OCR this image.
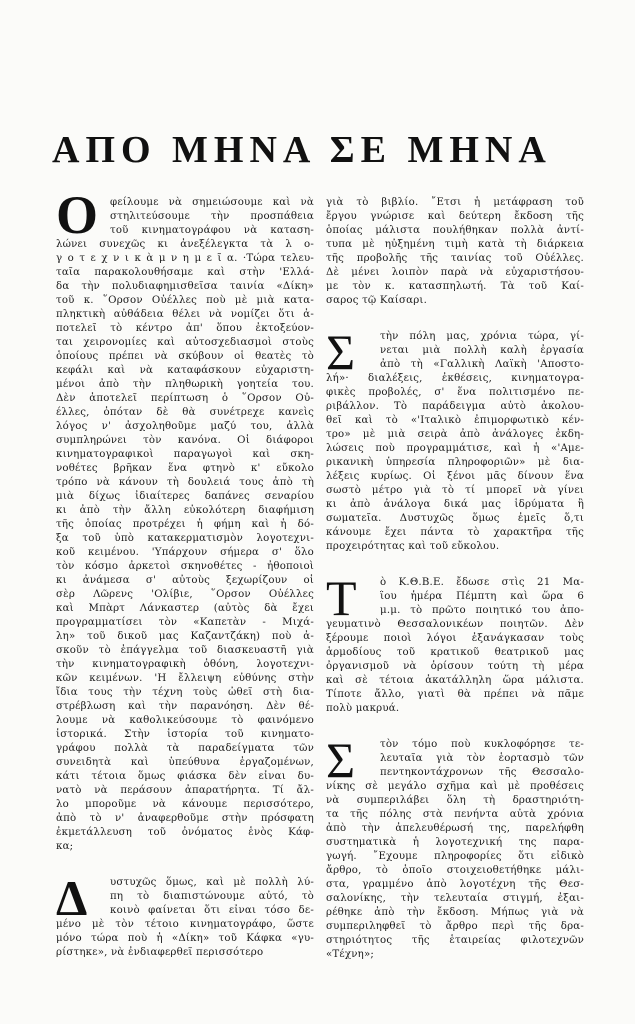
ΑΠΟ ΜΗΝΑ ΣΕ ΜΗΝΑ
Ο	φείλουμε νὰ σημειώσουμε καὶ νὰ
στηλιτεύσουμε τὴν προσπάθεια
τοῦ κινηματογράφου νὰ καταση-
λώνει συνεχῶς κι ἀνεξέλεγκτα τὰ λ ο-
γ ο τ ε χ ν ι κ ὰ μ ν η μ ε ῖ α. ·Τώρα τελευ-
ταῖα παρακολουθήσαμε καὶ στὴν 'Ελλά-
δα τὴν πολυδιαφημισθεῖσα ταινία «Δίκη»
τοῦ κ. ῞Ορσον Οὐέλλες ποὺ μὲ μιὰ κατα-
πληκτικὴ αὐθάδεια θέλει νὰ νομίζει ὅτι ἀ-
ποτελεῖ τὸ κέντρο ἀπ' ὅπου ἐκτοξεύον-
ται χειρονομίες καὶ αὐτοσχεδιασμοὶ στοὺς
ὁποίους πρέπει νὰ σκύβουν οἱ θεατὲς τὸ
κεφάλι καὶ νὰ καταφάσκουν εὐχαριστη-
μένοι ἀπὸ τὴν πληθωρικὴ γοητεία του.
Δὲν ἀποτελεῖ περίπτωση ὁ ῞Ορσον Οὐ-
έλλες, ὁπόταν δὲ θὰ συνέτρεχε κανεὶς
λόγος ν' ἀσχοληθοῦμε μαζύ του, ἀλλὰ
συμπληρώνει τὸν κανόνα. Οἱ διάφοροι
κινηματογραφικοὶ παραγωγοὶ καὶ σκη-
νοθέτες βρῆκαν ἕνα φτηνὸ κ' εὔκολο
τρόπο νὰ κάνουν τὴ δουλειά τους ἀπὸ τὴ
μιὰ δίχως ἰδιαίτερες δαπάνες σεναρίου
κι ἀπὸ τὴν ἄλλη εὐκολότερη διαφήμιση
τῆς ὁποίας προτρέχει ἡ φήμη καὶ ἡ δό-
ξα τοῦ ὑπὸ κατακερματισμὸν λογοτεχνι-
κοῦ κειμένου. 'Υπάρχουν σήμερα σ' ὅλο
τὸν κόσμο ἀρκετοὶ σκηνοθέτες - ἠθοποιοὶ
κι ἀνάμεσα σ' αὐτοὺς ξεχωρίζουν οἱ
σὲρ Λῶρενς 'Ολίβιε, ῞Ορσον Οὐέλλες
καὶ Μπὰρτ Λάνκαστερ (αὐτὸς δὰ ἔχει
προγραμματίσει τὸν «Καπετὰν - Μιχά-
λη» τοῦ δικοῦ μας Καζαντζάκη) ποὺ ἀ-
σκοῦν τὸ ἐπάγγελμα τοῦ διασκευαστῆ γιὰ
τὴν κινηματογραφικὴ ὀθόνη, λογοτεχνι-
κῶν κειμένων. 'Η ἔλλειψη εὐθύνης στὴν
ἴδια τους τὴν τέχνη τοὺς ὠθεῖ στὴ δια-
στρέβλωση καὶ τὴν παρανόηση. Δὲν θέ-
λουμε νὰ καθολικεύσουμε τὸ φαινόμενο
ἱστορικά. Στὴν ἱστορία τοῦ κινηματο-
γράφου πολλὰ τὰ παραδείγματα τῶν
συνειδητὰ καὶ ὑπεύθυνα ἐργαζομένων,
κάτι τέτοια ὅμως φιάσκα δὲν εἶναι δυ-
νατὸ νὰ περάσουν ἀπαρατήρητα. Τί ἄλ-
λο μποροῦμε νὰ κάνουμε περισσότερο,
ἀπὸ τὸ ν' ἀναφερθοῦμε στὴν πρόσφατη
ἐκμετάλλευση τοῦ ὀνόματος ἑνὸς Κάφ-
κα;
Δ	υστυχῶς ὅμως, καὶ μὲ πολλὴ λύ-
πη τὸ διαπιστώνουμε αὐτό, τὸ
κοινὸ φαίνεται ὅτι εἶναι τόσο δε-
μένο μὲ τὸν τέτοιο κινηματογράφο, ὥστε
μόνο τώρα ποὺ ἡ «Δίκη» τοῦ Κάφκα «γυ-
ρίστηκε», νὰ ἐνδιαφερθεῖ περισσότερο
γιὰ τὸ βιβλίο. ῎Ετσι ἡ μετάφραση τοῦ
ἔργου γνώρισε καὶ δεύτερη ἔκδοση τῆς
ὁποίας μάλιστα πουλήθηκαν πολλὰ ἀντί-
τυπα μὲ ηὐξημένη τιμὴ κατὰ τὴ διάρκεια
τῆς προβολῆς τῆς ταινίας τοῦ Οὐέλλες.
Δὲ μένει λοιπὸν παρὰ νὰ εὐχαριστήσου-
με τὸν κ. κατασπηλωτή. Τὰ τοῦ Καί-
σαρος τῷ Καίσαρι.
Σ	τὴν πόλη μας, χρόνια τώρα, γί-
νεται μιὰ πολλὴ καλὴ ἐργασία
ἀπὸ τὴ «Γαλλικὴ Λαϊκὴ 'Αποστο-
λή»· διαλέξεις, ἐκθέσεις, κινηματογρα-
φικὲς προβολές, σ' ἕνα πολιτισμένο πε-
ριβάλλον. Τὸ παράδειγμα αὐτὸ ἀκολου-
θεῖ καὶ τὸ «'Ιταλικὸ ἐπιμορφωτικὸ κέν-
τρο» μὲ μιὰ σειρὰ ἀπὸ ἀνάλογες ἐκδη-
λώσεις ποὺ προγραμμάτισε, καὶ ἡ «'Αμε-
ρικανικὴ ὑπηρεσία πληροφοριῶν» μὲ δια-
λέξεις κυρίως. Οἱ ξένοι μᾶς δίνουν ἕνα
σωστὸ μέτρο γιὰ τὸ τί μπορεῖ νὰ γίνει
κι ἀπὸ ἀνάλογα δικά μας ἱδρύματα ἢ
σωματεῖα. Δυστυχῶς ὅμως ἐμεῖς ὅ,τι
κάνουμε ἔχει πάντα τὸ χαρακτῆρα τῆς
προχειρότητας καὶ τοῦ εὔκολου.
Τ	ὸ Κ.Θ.Β.Ε. ἔδωσε στὶς 21 Μα-
ΐου ἡμέρα Πέμπτη καὶ ὥρα 6
μ.μ. τὸ πρῶτο ποιητικό του ἀπο-
γευματινὸ Θεσσαλονικέων ποιητῶν. Δὲν
ξέρουμε ποιοὶ λόγοι ἐξανάγκασαν τοὺς
ἁρμοδίους τοῦ κρατικοῦ θεατρικοῦ μας
ὀργανισμοῦ νὰ ὁρίσουν τούτη τὴ μέρα
καὶ σὲ τέτοια ἀκατάλληλη ὥρα μάλιστα.
Τίποτε ἄλλο, γιατὶ θὰ πρέπει νὰ πᾶμε
πολὺ μακρυά.
Σ	τὸν τόμο ποὺ κυκλοφόρησε τε-
λευταῖα γιὰ τὸν ἑορτασμὸ τῶν
πεντηκοντάχρονων τῆς Θεσσαλο-
νίκης σὲ μεγάλο σχῆμα καὶ μὲ προθέσεις
νὰ συμπεριλάβει ὅλη τὴ δραστηριότη-
τα τῆς πόλης στὰ πενήντα αὐτὰ χρόνια
ἀπὸ τὴν ἀπελευθέρωσή της, παρελήφθη
συστηματικὰ ἡ λογοτεχνική της παρα-
γωγή. ῎Εχουμε πληροφορίες ὅτι εἰδικὸ
ἄρθρο, τὸ ὁποῖο στοιχειοθετήθηκε μάλι-
στα, γραμμένο ἀπὸ λογοτέχνη τῆς Θεσ-
σαλονίκης, τὴν τελευταία στιγμή, ἐξαι-
ρέθηκε ἀπὸ τὴν ἔκδοση. Μήπως γιὰ νὰ
συμπεριληφθεῖ τὸ ἄρθρο περὶ τῆς δρα-
στηριότητος τῆς ἑταιρείας φιλοτεχνῶν
«Τέχνη»;
